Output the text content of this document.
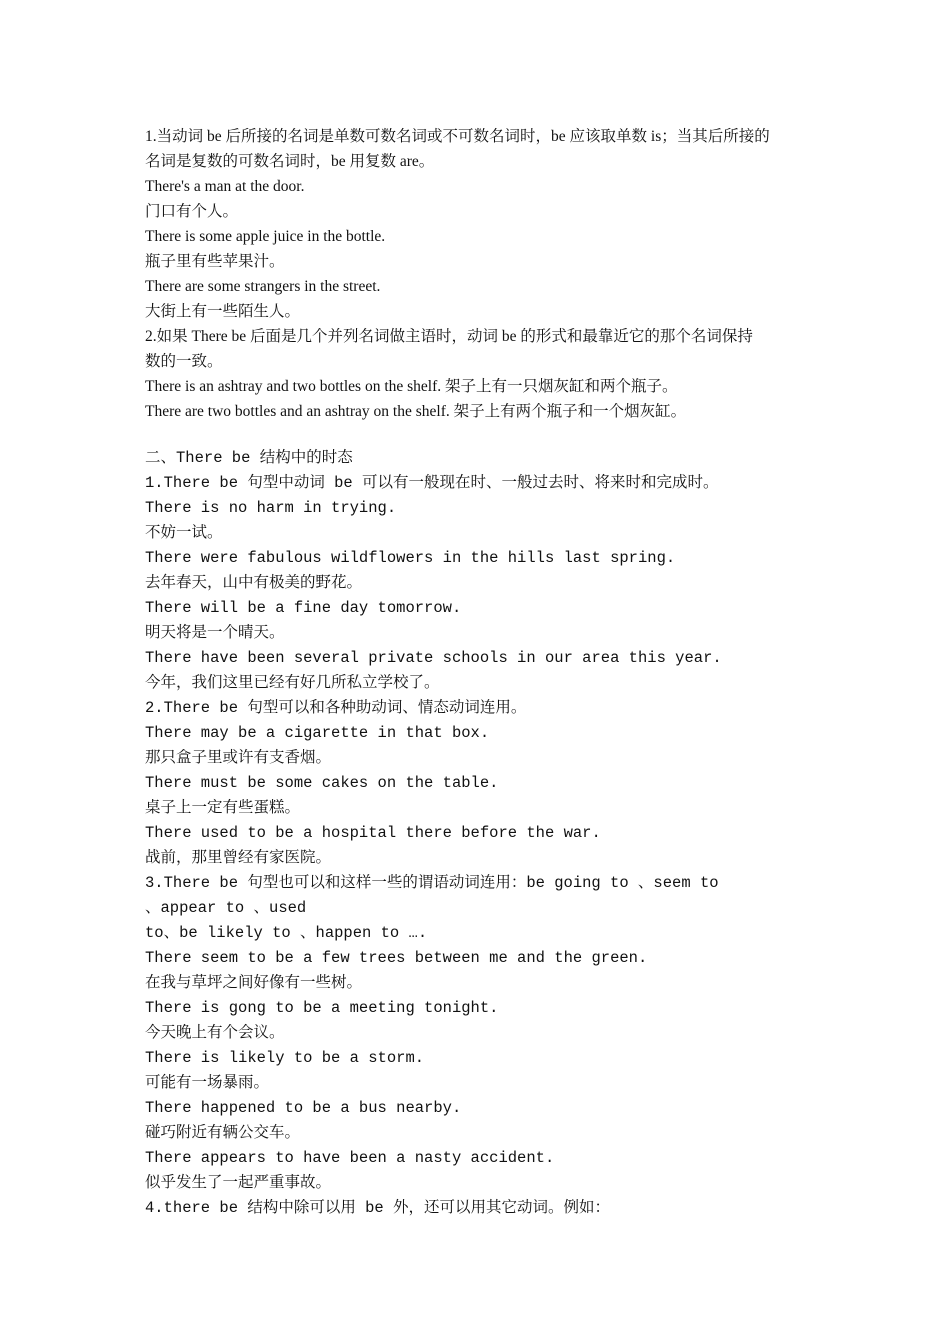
1.当动词 be 后所接的名词是单数可数名词或不可数名词时，be 应该取单数 is；当其后所接的
名词是复数的可数名词时，be 用复数 are。
There's a man at the door.
门口有个人。
There is some apple juice in the bottle.
瓶子里有些苹果汁。
There are some strangers in the street.
大街上有一些陌生人。
2.如果 There be 后面是几个并列名词做主语时，动词 be 的形式和最靠近它的那个名词保持
数的一致。
There is an ashtray and two bottles on the shelf. 架子上有一只烟灰缸和两个瓶子。
There are two bottles and an ashtray on the shelf. 架子上有两个瓶子和一个烟灰缸。
二、There be 结构中的时态
1.There be 句型中动词 be 可以有一般现在时、一般过去时、将来时和完成时。
There is no harm in trying.
不妨一试。
There were fabulous wildflowers in the hills last spring.
去年春天，山中有极美的野花。
There will be a fine day tomorrow.
明天将是一个晴天。
There have been several private schools in our area this year.
今年，我们这里已经有好几所私立学校了。
2.There be 句型可以和各种助动词、情态动词连用。
There may be a cigarette in that box.
那只盒子里或许有支香烟。
There must be some cakes on the table.
桌子上一定有些蛋糕。
There used to be a hospital there before the war.
战前，那里曾经有家医院。
3.There be 句型也可以和这样一些的谓语动词连用：be going to 、seem to
、appear to 、used
to、be likely to 、happen to ….
There seem to be a few trees between me and the green.
在我与草坪之间好像有一些树。
There is gong to be a meeting tonight.
今天晚上有个会议。
There is likely to be a storm.
可能有一场暴雨。
There happened to be a bus nearby.
碰巧附近有辆公交车。
There appears to have been a nasty accident.
似乎发生了一起严重事故。
4.there be 结构中除可以用 be 外，还可以用其它动词。例如：
